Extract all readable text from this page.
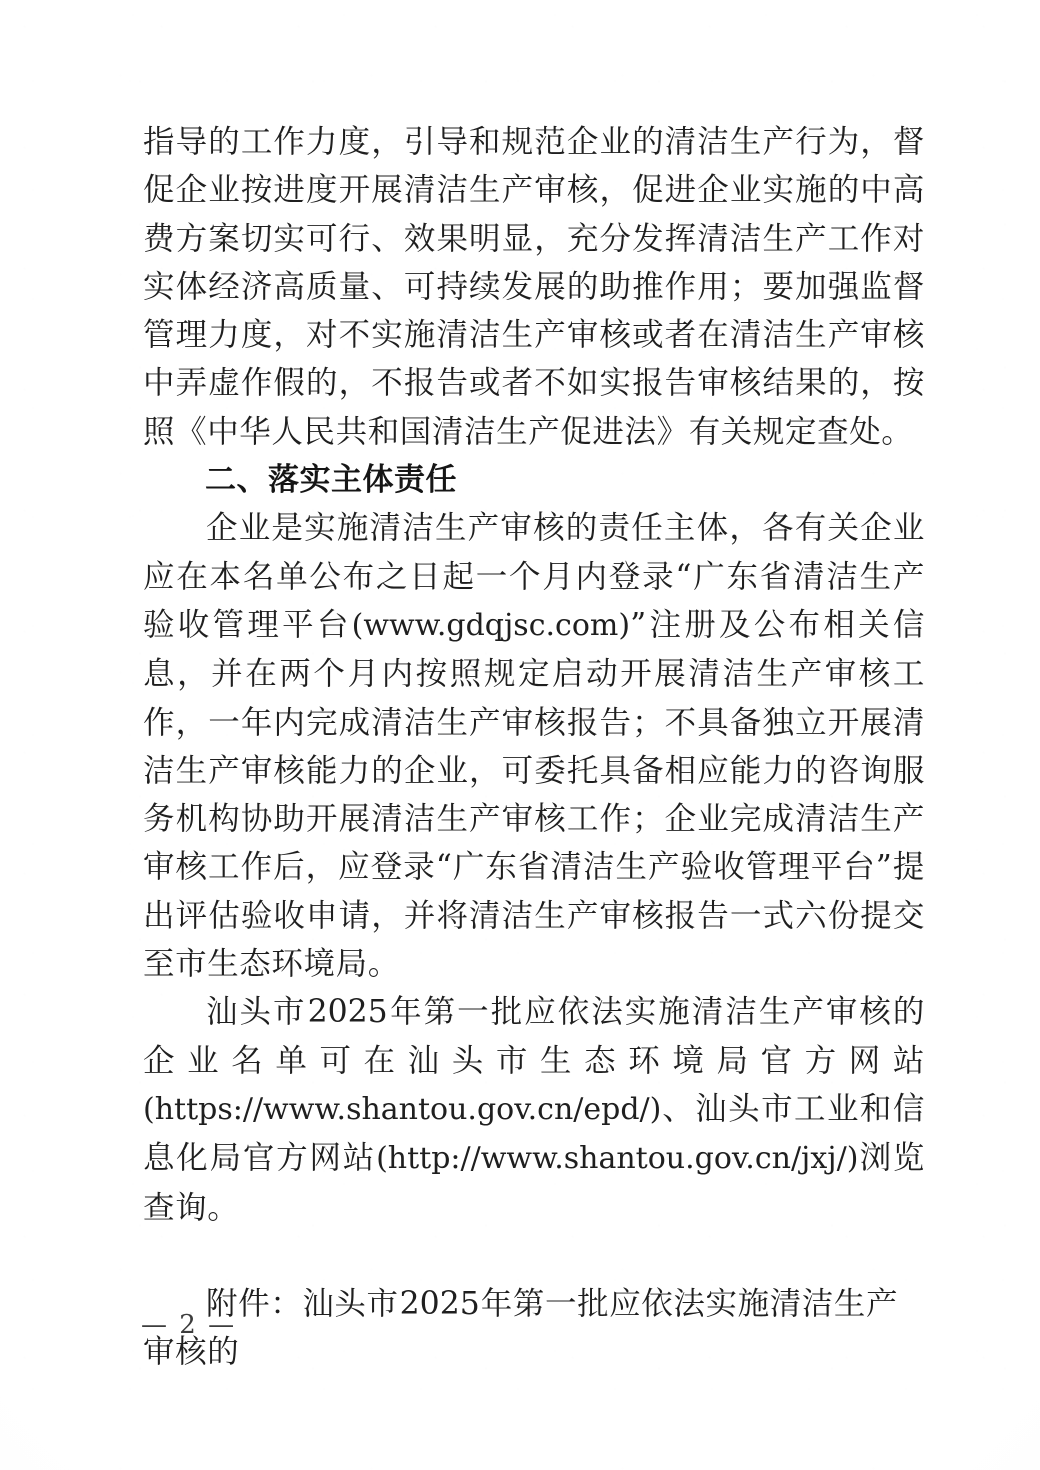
指导的工作力度，引导和规范企业的清洁生产行为，督促企业按进度开展清洁生产审核，促进企业实施的中高费方案切实可行、效果明显，充分发挥清洁生产工作对实体经济高质量、可持续发展的助推作用；要加强监督管理力度，对不实施清洁生产审核或者在清洁生产审核中弄虚作假的，不报告或者不如实报告审核结果的，按照《中华人民共和国清洁生产促进法》有关规定查处。

二、落实主体责任

企业是实施清洁生产审核的责任主体，各有关企业应在本名单公布之日起一个月内登录“广东省清洁生产验收管理平台(www.gdqjsc.com)”注册及公布相关信息，并在两个月内按照规定启动开展清洁生产审核工作，一年内完成清洁生产审核报告；不具备独立开展清洁生产审核能力的企业，可委托具备相应能力的咨询服务机构协助开展清洁生产审核工作；企业完成清洁生产审核工作后，应登录“广东省清洁生产验收管理平台”提出评估验收申请，并将清洁生产审核报告一式六份提交至市生态环境局。

汕头市2025年第一批应依法实施清洁生产审核的企业名单可在汕头市生态环境局官方网站(https://www.shantou.gov.cn/epd/)、汕头市工业和信息化局官方网站(http://www.shantou.gov.cn/jxj/)浏览查询。

附件：汕头市2025年第一批应依法实施清洁生产审核的

— 2 —
